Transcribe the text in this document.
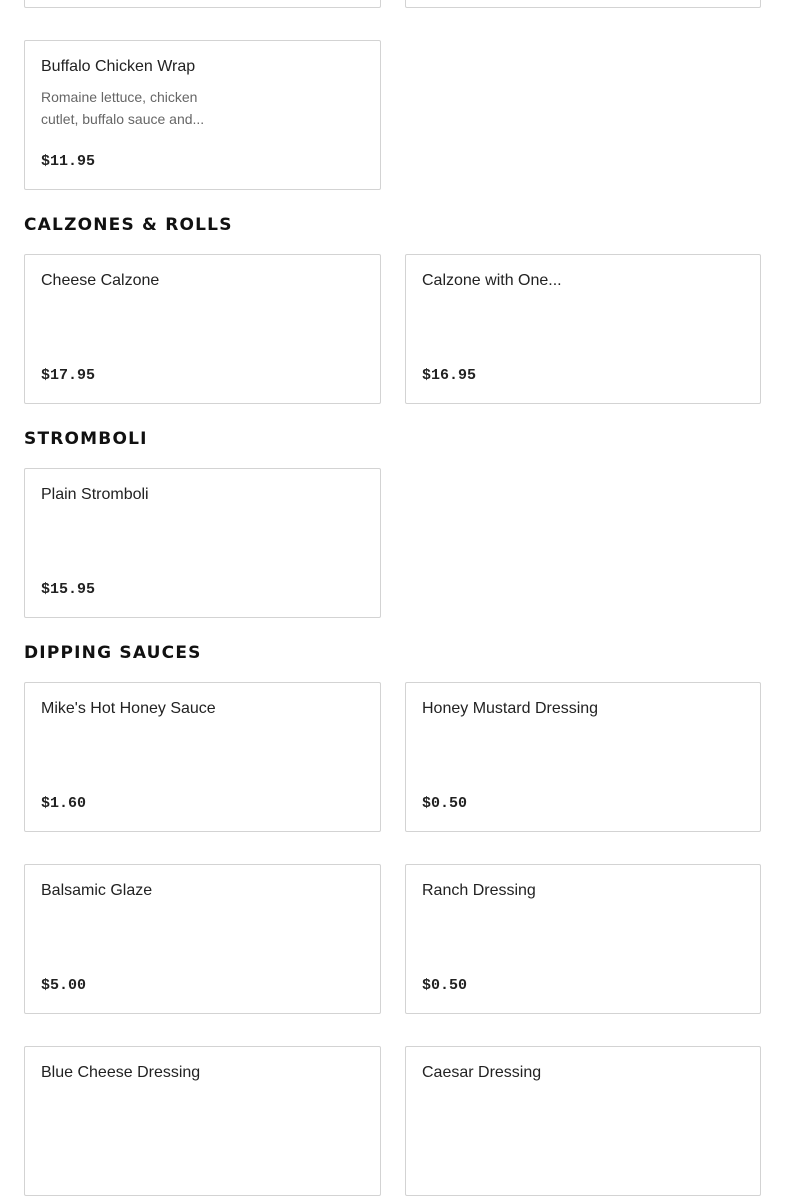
Buffalo Chicken Wrap
Romaine lettuce, chicken cutlet, buffalo sauce and...
$11.95
CALZONES & ROLLS
Cheese Calzone
$17.95
Calzone with One...
$16.95
STROMBOLI
Plain Stromboli
$15.95
DIPPING SAUCES
Mike's Hot Honey Sauce
$1.60
Honey Mustard Dressing
$0.50
Balsamic Glaze
$5.00
Ranch Dressing
$0.50
Blue Cheese Dressing	Caesar Dressing
